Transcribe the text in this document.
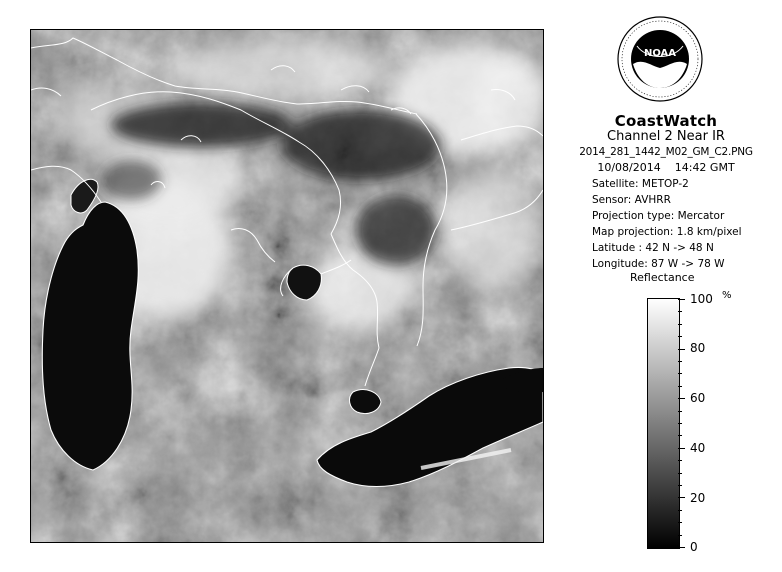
NOAA
CoastWatch
Channel 2 Near IR
2014_281_1442_M02_GM_C2.PNG
10/08/2014 14:42 GMT
Satellite: METOP-2
Sensor: AVHRR
Projection type: Mercator
Map projection: 1.8 km/pixel
Latitude : 42 N -> 48 N
Longitude: 87 W -> 78 W
Reflectance
%
100
80
60
40
20
0
